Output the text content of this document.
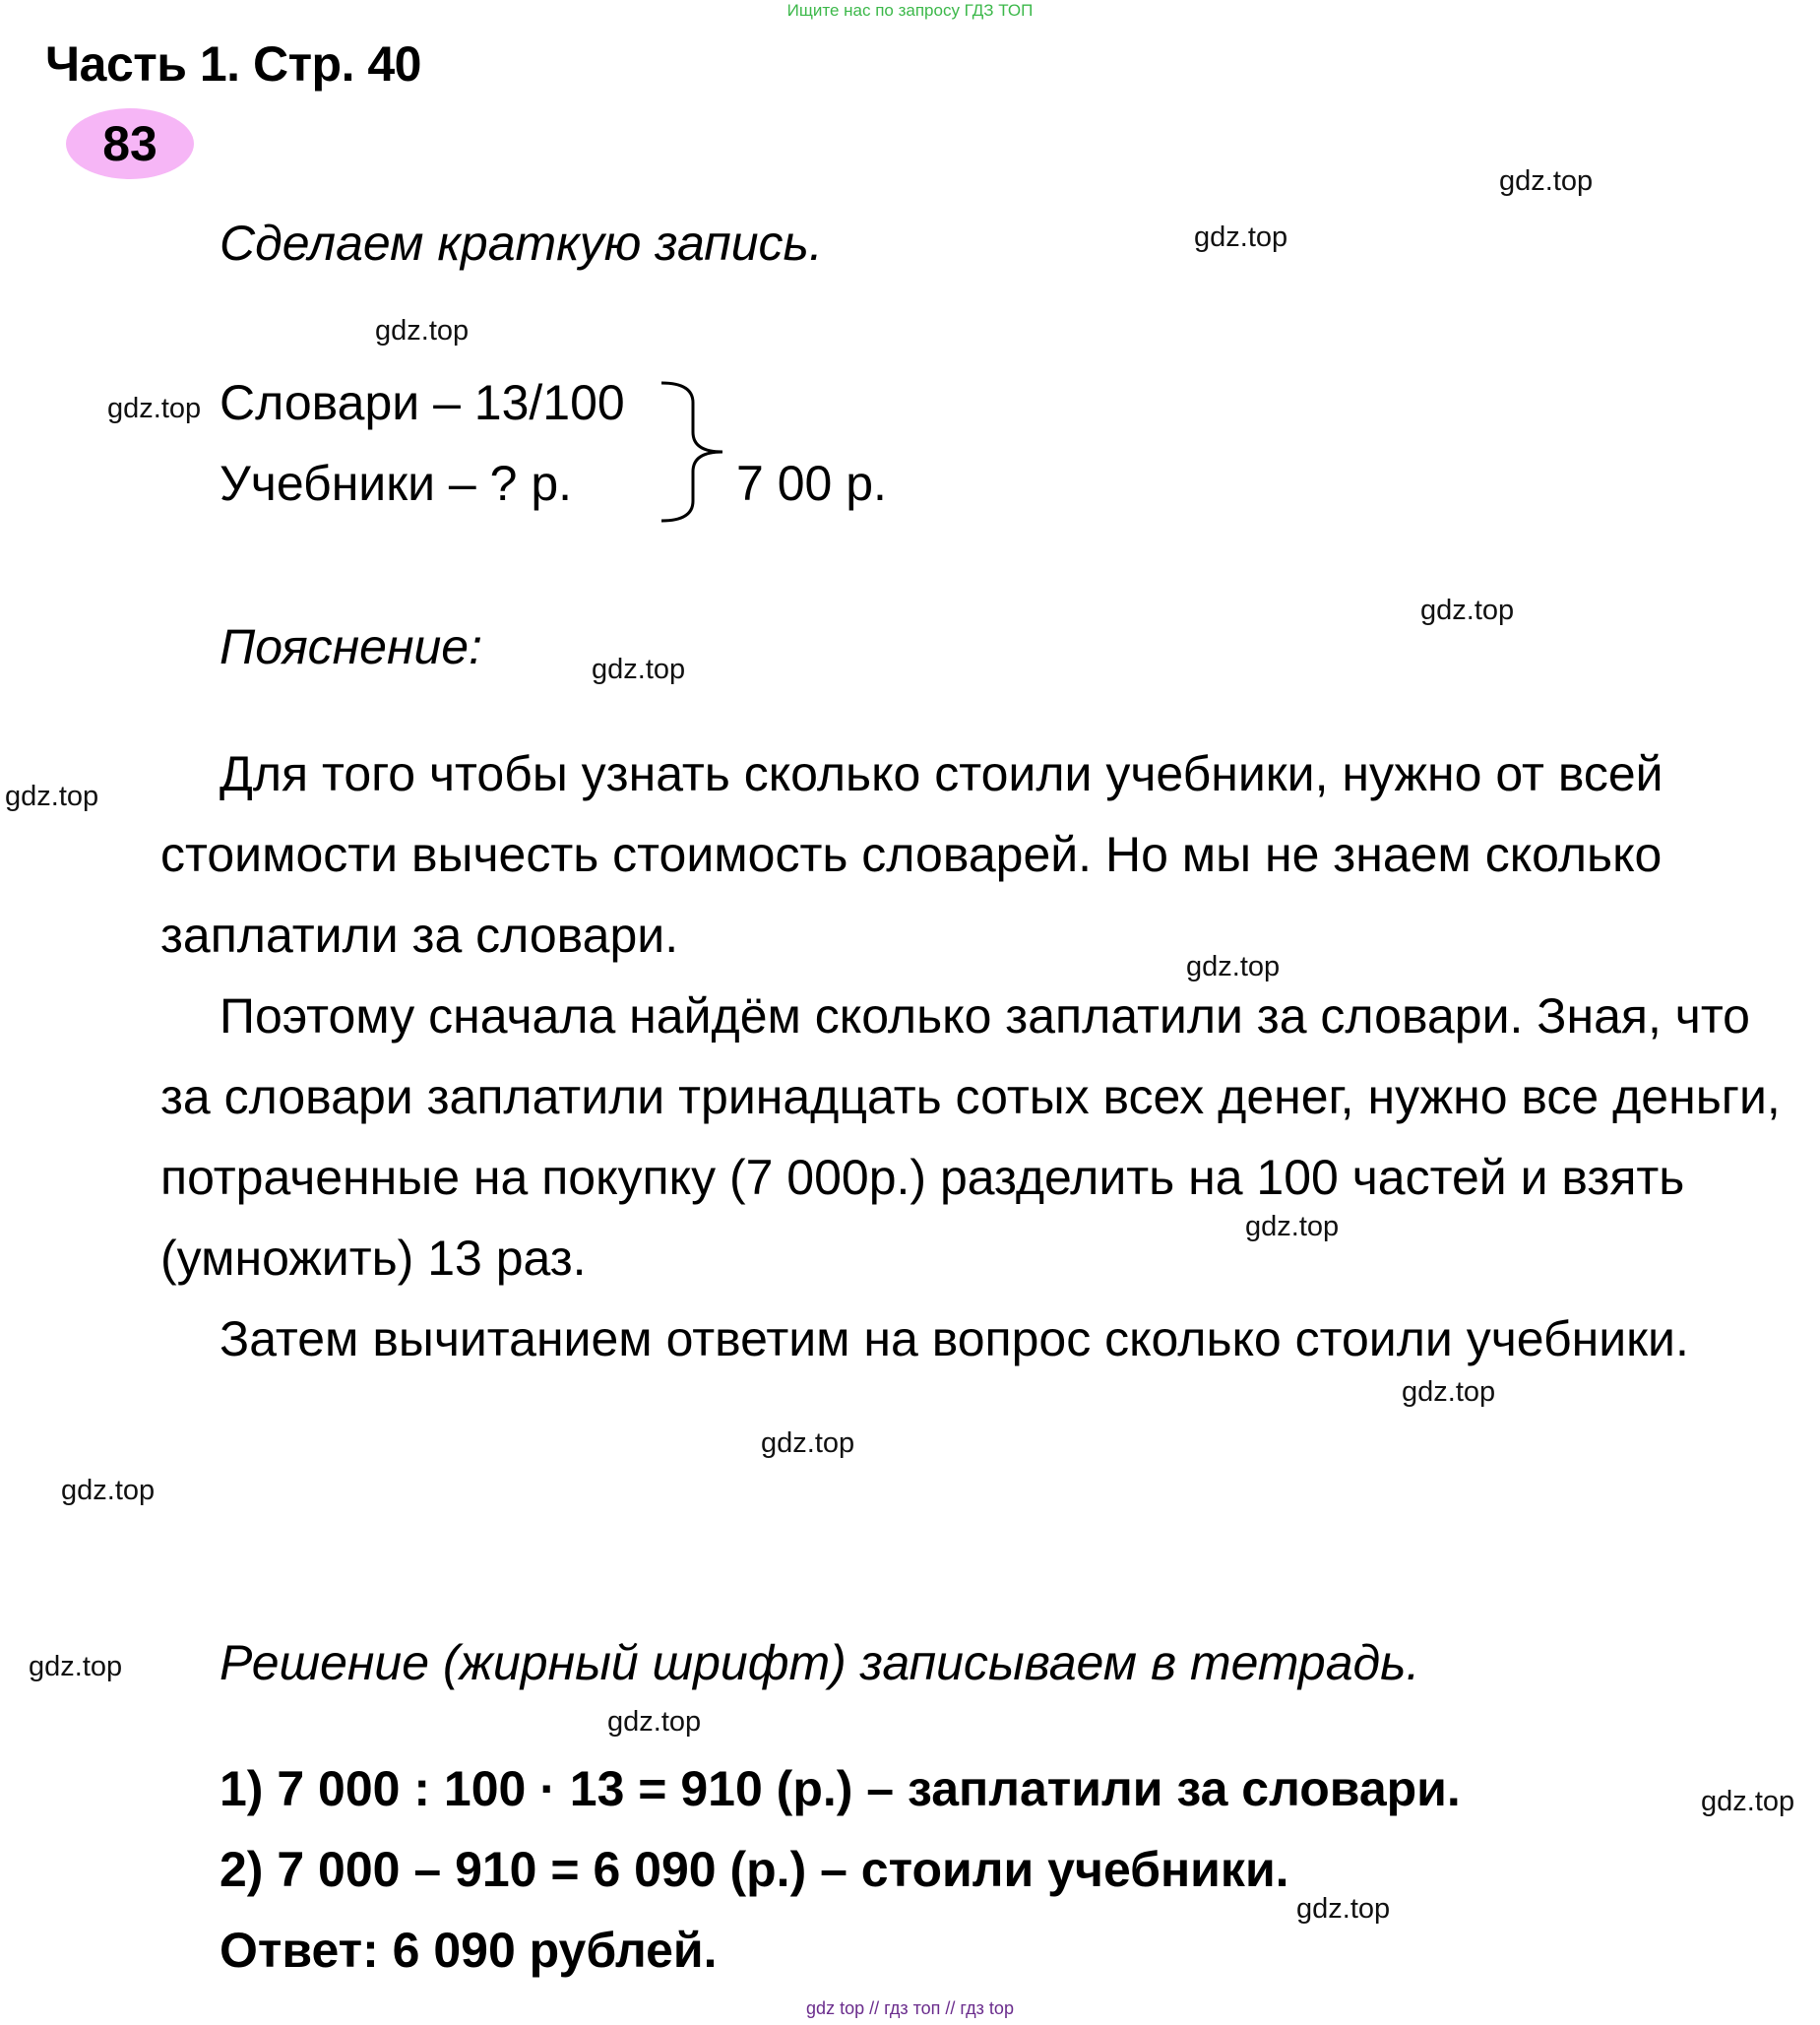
Ищите нас по запросу ГДЗ ТОП
Часть 1. Стр. 40
83
Сделаем краткую запись.
Словари – 13/100
Учебники – ? р.	7 00 р.
Пояснение:

Для того чтобы узнать сколько стоили учебники, нужно от всей стоимости вычесть стоимость словарей. Но мы не знаем сколько заплатили за словари.

Поэтому сначала найдём сколько заплатили за словари. Зная, что за словари заплатили тринадцать сотых всех денег, нужно все деньги, потраченные на покупку (7 000р.) разделить на 100 частей и взять (умножить) 13 раз.

Затем вычитанием ответим на вопрос сколько стоили учебники.

Решение (жирный шрифт) записываем в тетрадь.
1) 7 000 : 100 · 13 = 910 (р.) – заплатили за словари.
2) 7 000 – 910 = 6 090 (р.) – стоили учебники.
Ответ: 6 090 рублей.
gdz.top
gdz.top
gdz.top
gdz.top
gdz.top
gdz.top
gdz.top
gdz.top
gdz.top
gdz.top
gdz.top
gdz.top
gdz.top
gdz.top
gdz.top
gdz.top
gdz top // гдз топ // гдз top
